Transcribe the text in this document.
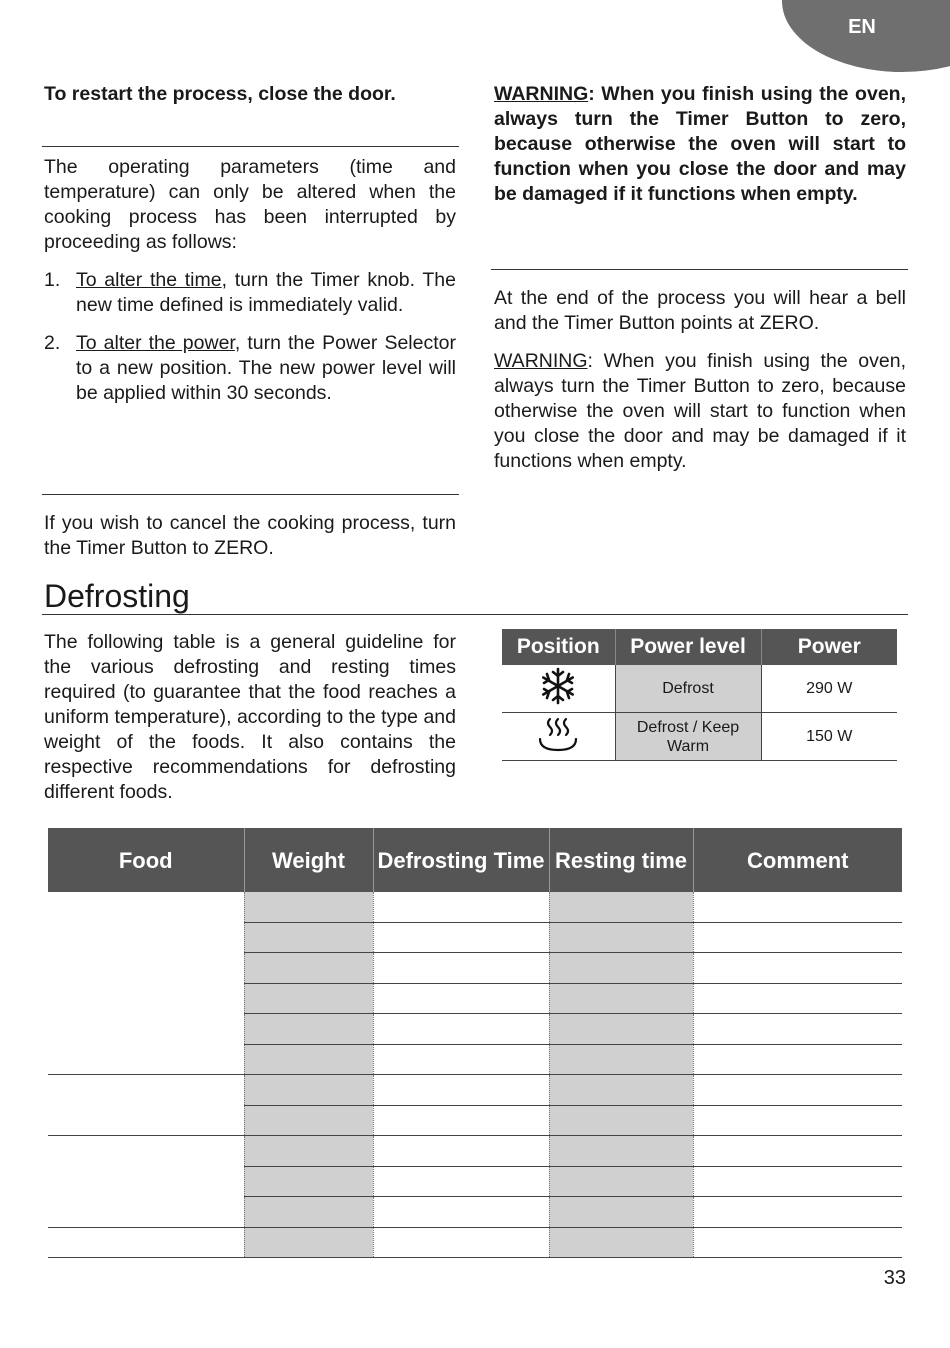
EN

To restart the process, close the door.

The operating parameters (time and temperature) can only be altered when the cooking process has been interrupted by proceeding as follows:

1. To alter the time, turn the Timer knob. The new time defined is immediately valid.
2. To alter the power, turn the Power Selector to a new position. The new power level will be applied within 30 seconds.

If you wish to cancel the cooking process, turn the Timer Button to ZERO.

WARNING: When you finish using the oven, always turn the Timer Button to zero, because otherwise the oven will start to function when you close the door and may be damaged if it functions when empty.

At the end of the process you will hear a bell and the Timer Button points at ZERO.

WARNING: When you finish using the oven, always turn the Timer Button to zero, because otherwise the oven will start to function when you close the door and may be damaged if it functions when empty.

Defrosting

The following table is a general guideline for the various defrosting and resting times required (to guarantee that the food reaches a uniform temperature), according to the type and weight of the foods. It also contains the respective recommendations for defrosting different foods.

Position	Power level	Power
	Defrost	290 W
	Defrost / Keep Warm	150 W
Food	Weight	Defrosting Time	Resting time	Comment

33
